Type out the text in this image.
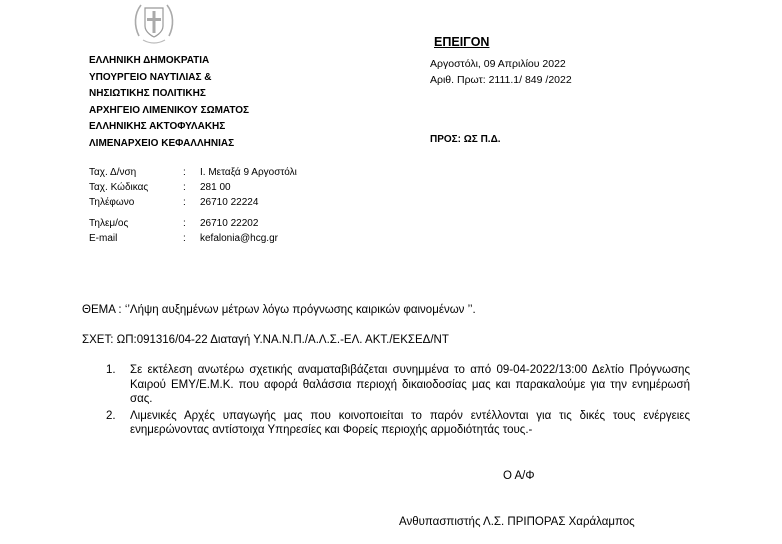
ΕΛΛΗΝΙΚΗ ΔΗΜΟΚΡΑΤΙΑ
ΥΠΟΥΡΓΕΙΟ ΝΑΥΤΙΛΙΑΣ &
ΝΗΣΙΩΤΙΚΗΣ ΠΟΛΙΤΙΚΗΣ
ΑΡΧΗΓΕΙΟ ΛΙΜΕΝΙΚΟΥ ΣΩΜΑΤΟΣ
ΕΛΛΗΝΙΚΗΣ ΑΚΤΟΦΥΛΑΚΗΣ
ΛΙΜΕΝΑΡΧΕΙΟ ΚΕΦΑΛΛΗΝΙΑΣ
ΕΠΕΙΓΟΝ
Αργοστόλι, 09 Απριλίου 2022
Αριθ. Πρωτ: 2111.1/ 849 /2022
ΠΡΟΣ: ΩΣ Π.Δ.
Ταχ. Δ/νση	: Ι. Μεταξά 9 Αργοστόλι
Ταχ. Κώδικας	: 281 00
Τηλέφωνο	: 26710 22224
Τηλεμ/ος	: 26710 22202
E-mail	: kefalonia@hcg.gr
ΘΕΜΑ : ‘’Λήψη αυξημένων μέτρων λόγω πρόγνωσης καιρικών φαινομένων ’’.
ΣΧΕΤ: ΩΠ:091316/04-22 Διαταγή Υ.ΝΑ.Ν.Π./Α.Λ.Σ.-ΕΛ. ΑΚΤ./ΕΚΣΕΔ/ΝΤ
1. Σε εκτέλεση ανωτέρω σχετικής αναματαβιβάζεται συνημμένα το από 09-04-2022/13:00 Δελτίο Πρόγνωσης Καιρού ΕΜΥ/Ε.Μ.Κ. που αφορά θαλάσσια περιοχή δικαιοδοσίας μας και παρακαλούμε για την ενημέρωσή σας.
2. Λιμενικές Αρχές υπαγωγής μας που κοινοποιείται το παρόν εντέλλονται για τις δικές τους ενέργειες ενημερώνοντας αντίστοιχα Υπηρεσίες και Φορείς περιοχής αρμοδιότητάς τους.-
Ο Α/Φ
Ανθυπασπιστής Λ.Σ. ΠΡΙΠΟΡΑΣ Χαράλαμπος
